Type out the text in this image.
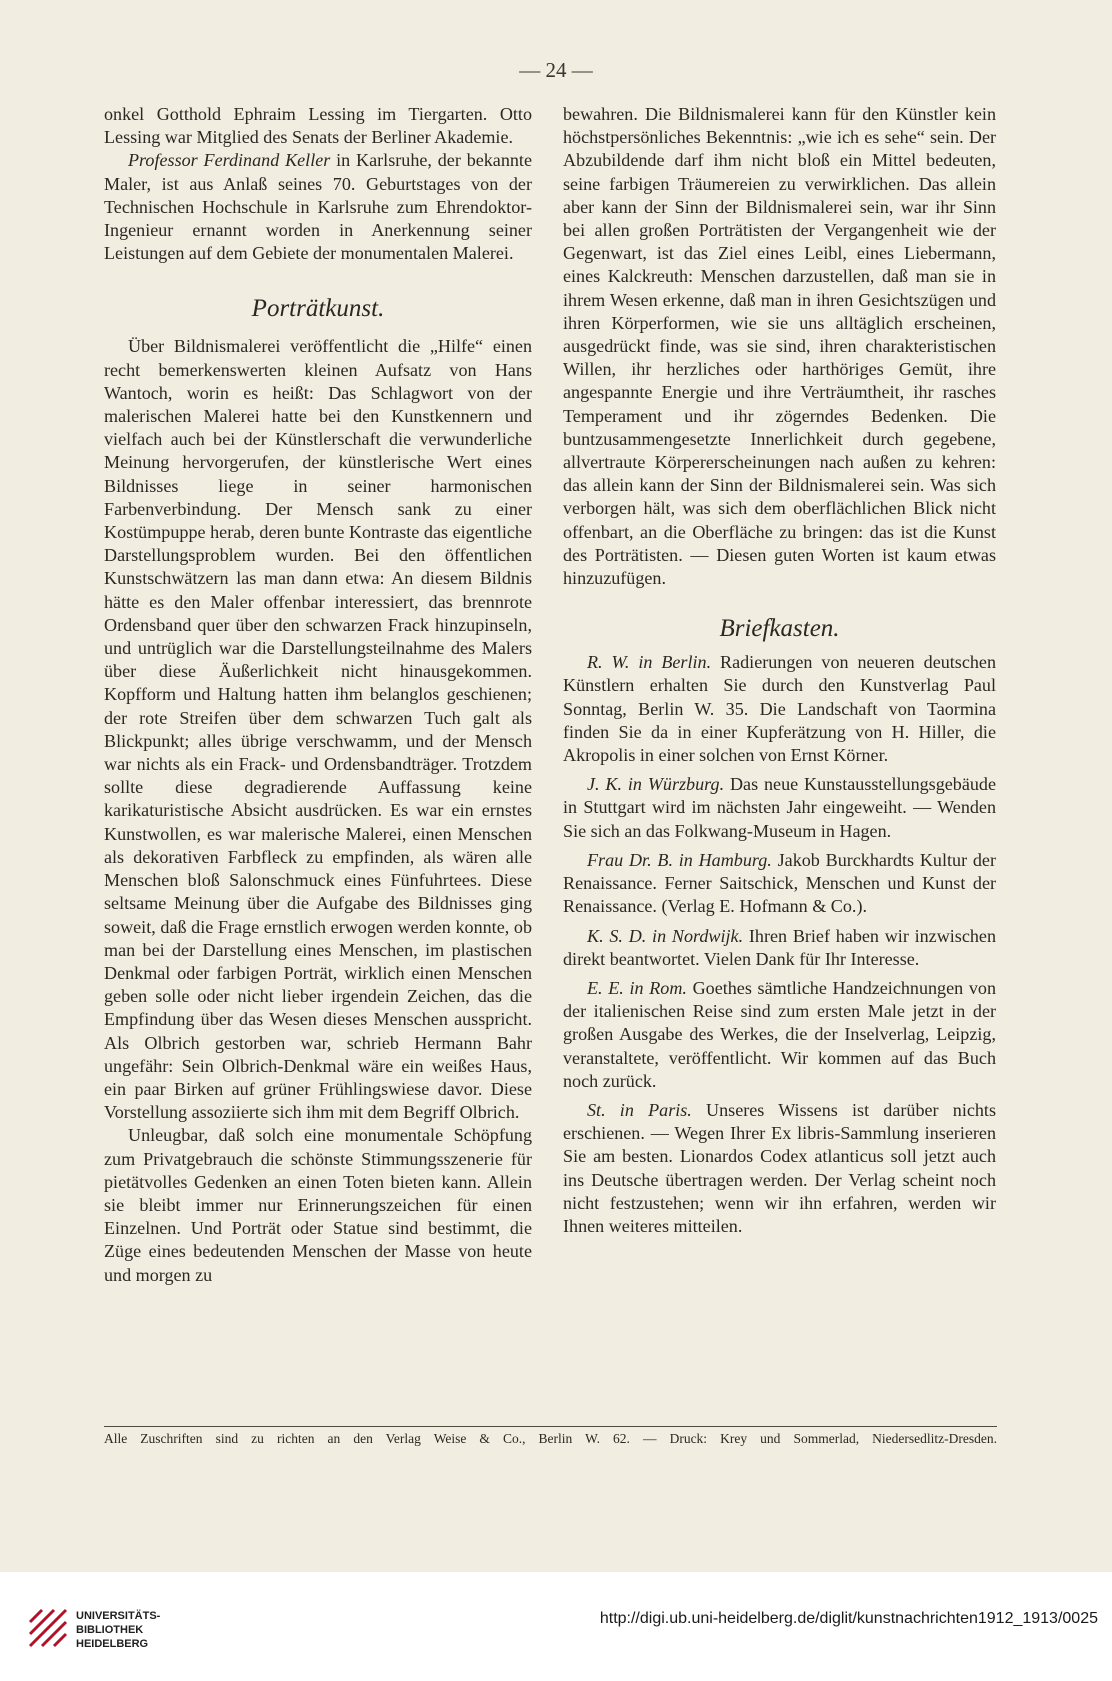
— 24 —

onkel Gotthold Ephraim Lessing im Tiergarten. Otto Lessing war Mitglied des Senats der Berliner Akademie.

Professor Ferdinand Keller in Karlsruhe, der bekannte Maler, ist aus Anlaß seines 70. Geburtstages von der Technischen Hochschule in Karlsruhe zum Ehrendoktor-Ingenieur ernannt worden in Anerkennung seiner Leistungen auf dem Gebiete der monumentalen Malerei.

Porträtkunst.

Über Bildnismalerei veröffentlicht die „Hilfe“ einen recht bemerkenswerten kleinen Aufsatz von Hans Wantoch, worin es heißt: Das Schlagwort von der malerischen Malerei hatte bei den Kunstkennern und vielfach auch bei der Künstlerschaft die verwunderliche Meinung hervorgerufen, der künstlerische Wert eines Bildnisses liege in seiner harmonischen Farbenverbindung. Der Mensch sank zu einer Kostümpuppe herab, deren bunte Kontraste das eigentliche Darstellungsproblem wurden. Bei den öffentlichen Kunstschwätzern las man dann etwa: An diesem Bildnis hätte es den Maler offenbar interessiert, das brennrote Ordensband quer über den schwarzen Frack hinzupinseln, und untrüglich war die Darstellungsteilnahme des Malers über diese Äußerlichkeit nicht hinausgekommen. Kopfform und Haltung hatten ihm belanglos geschienen; der rote Streifen über dem schwarzen Tuch galt als Blickpunkt; alles übrige verschwamm, und der Mensch war nichts als ein Frack- und Ordensbandträger. Trotzdem sollte diese degradierende Auffassung keine karikaturistische Absicht ausdrücken. Es war ein ernstes Kunstwollen, es war malerische Malerei, einen Menschen als dekorativen Farbfleck zu empfinden, als wären alle Menschen bloß Salonschmuck eines Fünfuhrtees. Diese seltsame Meinung über die Aufgabe des Bildnisses ging soweit, daß die Frage ernstlich erwogen werden konnte, ob man bei der Darstellung eines Menschen, im plastischen Denkmal oder farbigen Porträt, wirklich einen Menschen geben solle oder nicht lieber irgendein Zeichen, das die Empfindung über das Wesen dieses Menschen ausspricht. Als Olbrich gestorben war, schrieb Hermann Bahr ungefähr: Sein Olbrich-Denkmal wäre ein weißes Haus, ein paar Birken auf grüner Frühlingswiese davor. Diese Vorstellung assoziierte sich ihm mit dem Begriff Olbrich.

Unleugbar, daß solch eine monumentale Schöpfung zum Privatgebrauch die schönste Stimmungsszenerie für pietätvolles Gedenken an einen Toten bieten kann. Allein sie bleibt immer nur Erinnerungszeichen für einen Einzelnen. Und Porträt oder Statue sind bestimmt, die Züge eines bedeutenden Menschen der Masse von heute und morgen zu

bewahren. Die Bildnismalerei kann für den Künstler kein höchstpersönliches Bekenntnis: „wie ich es sehe“ sein. Der Abzubildende darf ihm nicht bloß ein Mittel bedeuten, seine farbigen Träumereien zu verwirklichen. Das allein aber kann der Sinn der Bildnismalerei sein, war ihr Sinn bei allen großen Porträtisten der Vergangenheit wie der Gegenwart, ist das Ziel eines Leibl, eines Liebermann, eines Kalckreuth: Menschen darzustellen, daß man sie in ihrem Wesen erkenne, daß man in ihren Gesichtszügen und ihren Körperformen, wie sie uns alltäglich erscheinen, ausgedrückt finde, was sie sind, ihren charakteristischen Willen, ihr herzliches oder harthöriges Gemüt, ihre angespannte Energie und ihre Verträumtheit, ihr rasches Temperament und ihr zögerndes Bedenken. Die buntzusammengesetzte Innerlichkeit durch gegebene, allvertraute Körpererscheinungen nach außen zu kehren: das allein kann der Sinn der Bildnismalerei sein. Was sich verborgen hält, was sich dem oberflächlichen Blick nicht offenbart, an die Oberfläche zu bringen: das ist die Kunst des Porträtisten. — Diesen guten Worten ist kaum etwas hinzuzufügen.

Briefkasten.

R. W. in Berlin. Radierungen von neueren deutschen Künstlern erhalten Sie durch den Kunstverlag Paul Sonntag, Berlin W. 35. Die Landschaft von Taormina finden Sie da in einer Kupferätzung von H. Hiller, die Akropolis in einer solchen von Ernst Körner.

J. K. in Würzburg. Das neue Kunstausstellungsgebäude in Stuttgart wird im nächsten Jahr eingeweiht. — Wenden Sie sich an das Folkwang-Museum in Hagen.

Frau Dr. B. in Hamburg. Jakob Burckhardts Kultur der Renaissance. Ferner Saitschick, Menschen und Kunst der Renaissance. (Verlag E. Hofmann & Co.).

K. S. D. in Nordwijk. Ihren Brief haben wir inzwischen direkt beantwortet. Vielen Dank für Ihr Interesse.

E. E. in Rom. Goethes sämtliche Handzeichnungen von der italienischen Reise sind zum ersten Male jetzt in der großen Ausgabe des Werkes, die der Inselverlag, Leipzig, veranstaltete, veröffentlicht. Wir kommen auf das Buch noch zurück.

St. in Paris. Unseres Wissens ist darüber nichts erschienen. — Wegen Ihrer Ex libris-Sammlung inserieren Sie am besten. Lionardos Codex atlanticus soll jetzt auch ins Deutsche übertragen werden. Der Verlag scheint noch nicht festzustehen; wenn wir ihn erfahren, werden wir Ihnen weiteres mitteilen.

Alle Zuschriften sind zu richten an den Verlag Weise & Co., Berlin W. 62. — Druck: Krey und Sommerlad, Niedersedlitz-Dresden.
UNIVERSITÄTS-
BIBLIOTHEK
HEIDELBERG
http://digi.ub.uni-heidelberg.de/diglit/kunstnachrichten1912_1913/0025
